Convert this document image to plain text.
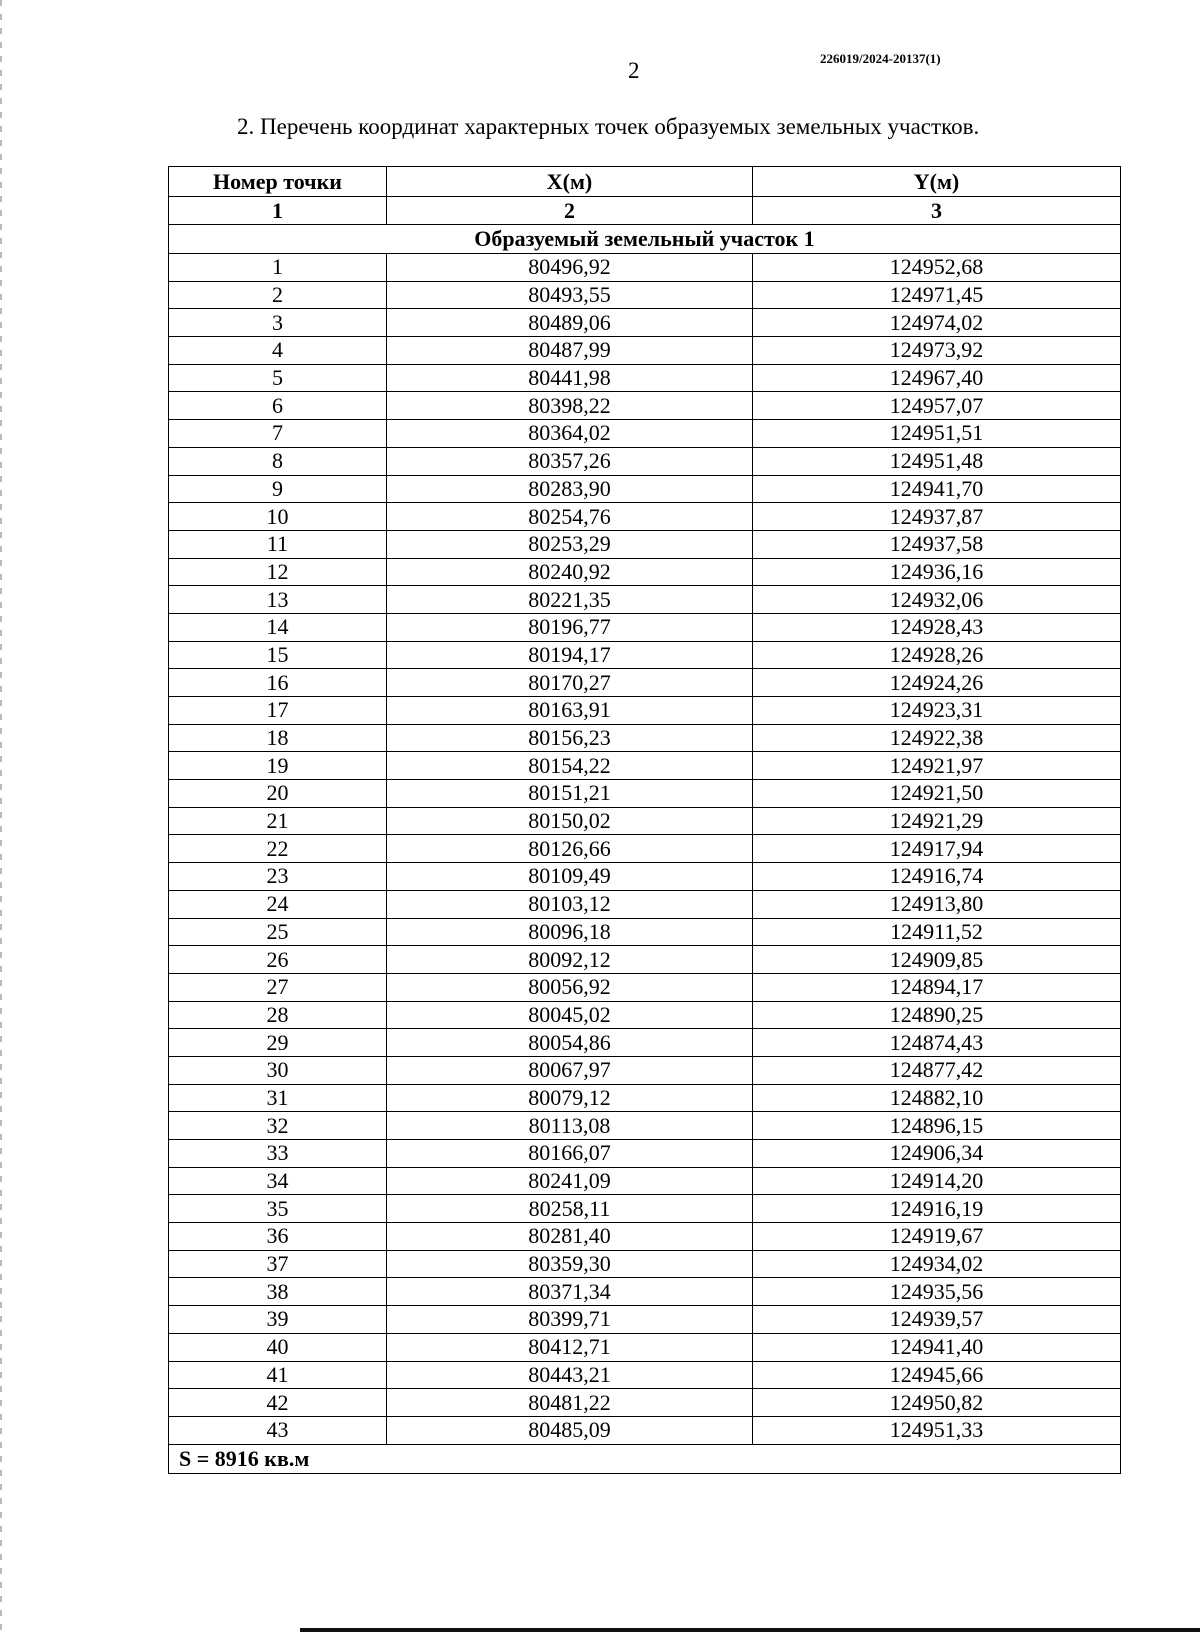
2	226019/2024-20137(1)
2. Перечень координат характерных точек образуемых земельных участков.
Номер точки	X(м)	Y(м)
1	2	3
Образуемый земельный участок 1		
1	80496,92	124952,68
2	80493,55	124971,45
3	80489,06	124974,02
4	80487,99	124973,92
5	80441,98	124967,40
6	80398,22	124957,07
7	80364,02	124951,51
8	80357,26	124951,48
9	80283,90	124941,70
10	80254,76	124937,87
11	80253,29	124937,58
12	80240,92	124936,16
13	80221,35	124932,06
14	80196,77	124928,43
15	80194,17	124928,26
16	80170,27	124924,26
17	80163,91	124923,31
18	80156,23	124922,38
19	80154,22	124921,97
20	80151,21	124921,50
21	80150,02	124921,29
22	80126,66	124917,94
23	80109,49	124916,74
24	80103,12	124913,80
25	80096,18	124911,52
26	80092,12	124909,85
27	80056,92	124894,17
28	80045,02	124890,25
29	80054,86	124874,43
30	80067,97	124877,42
31	80079,12	124882,10
32	80113,08	124896,15
33	80166,07	124906,34
34	80241,09	124914,20
35	80258,11	124916,19
36	80281,40	124919,67
37	80359,30	124934,02
38	80371,34	124935,56
39	80399,71	124939,57
40	80412,71	124941,40
41	80443,21	124945,66
42	80481,22	124950,82
43	80485,09	124951,33
S = 8916 кв.м		
